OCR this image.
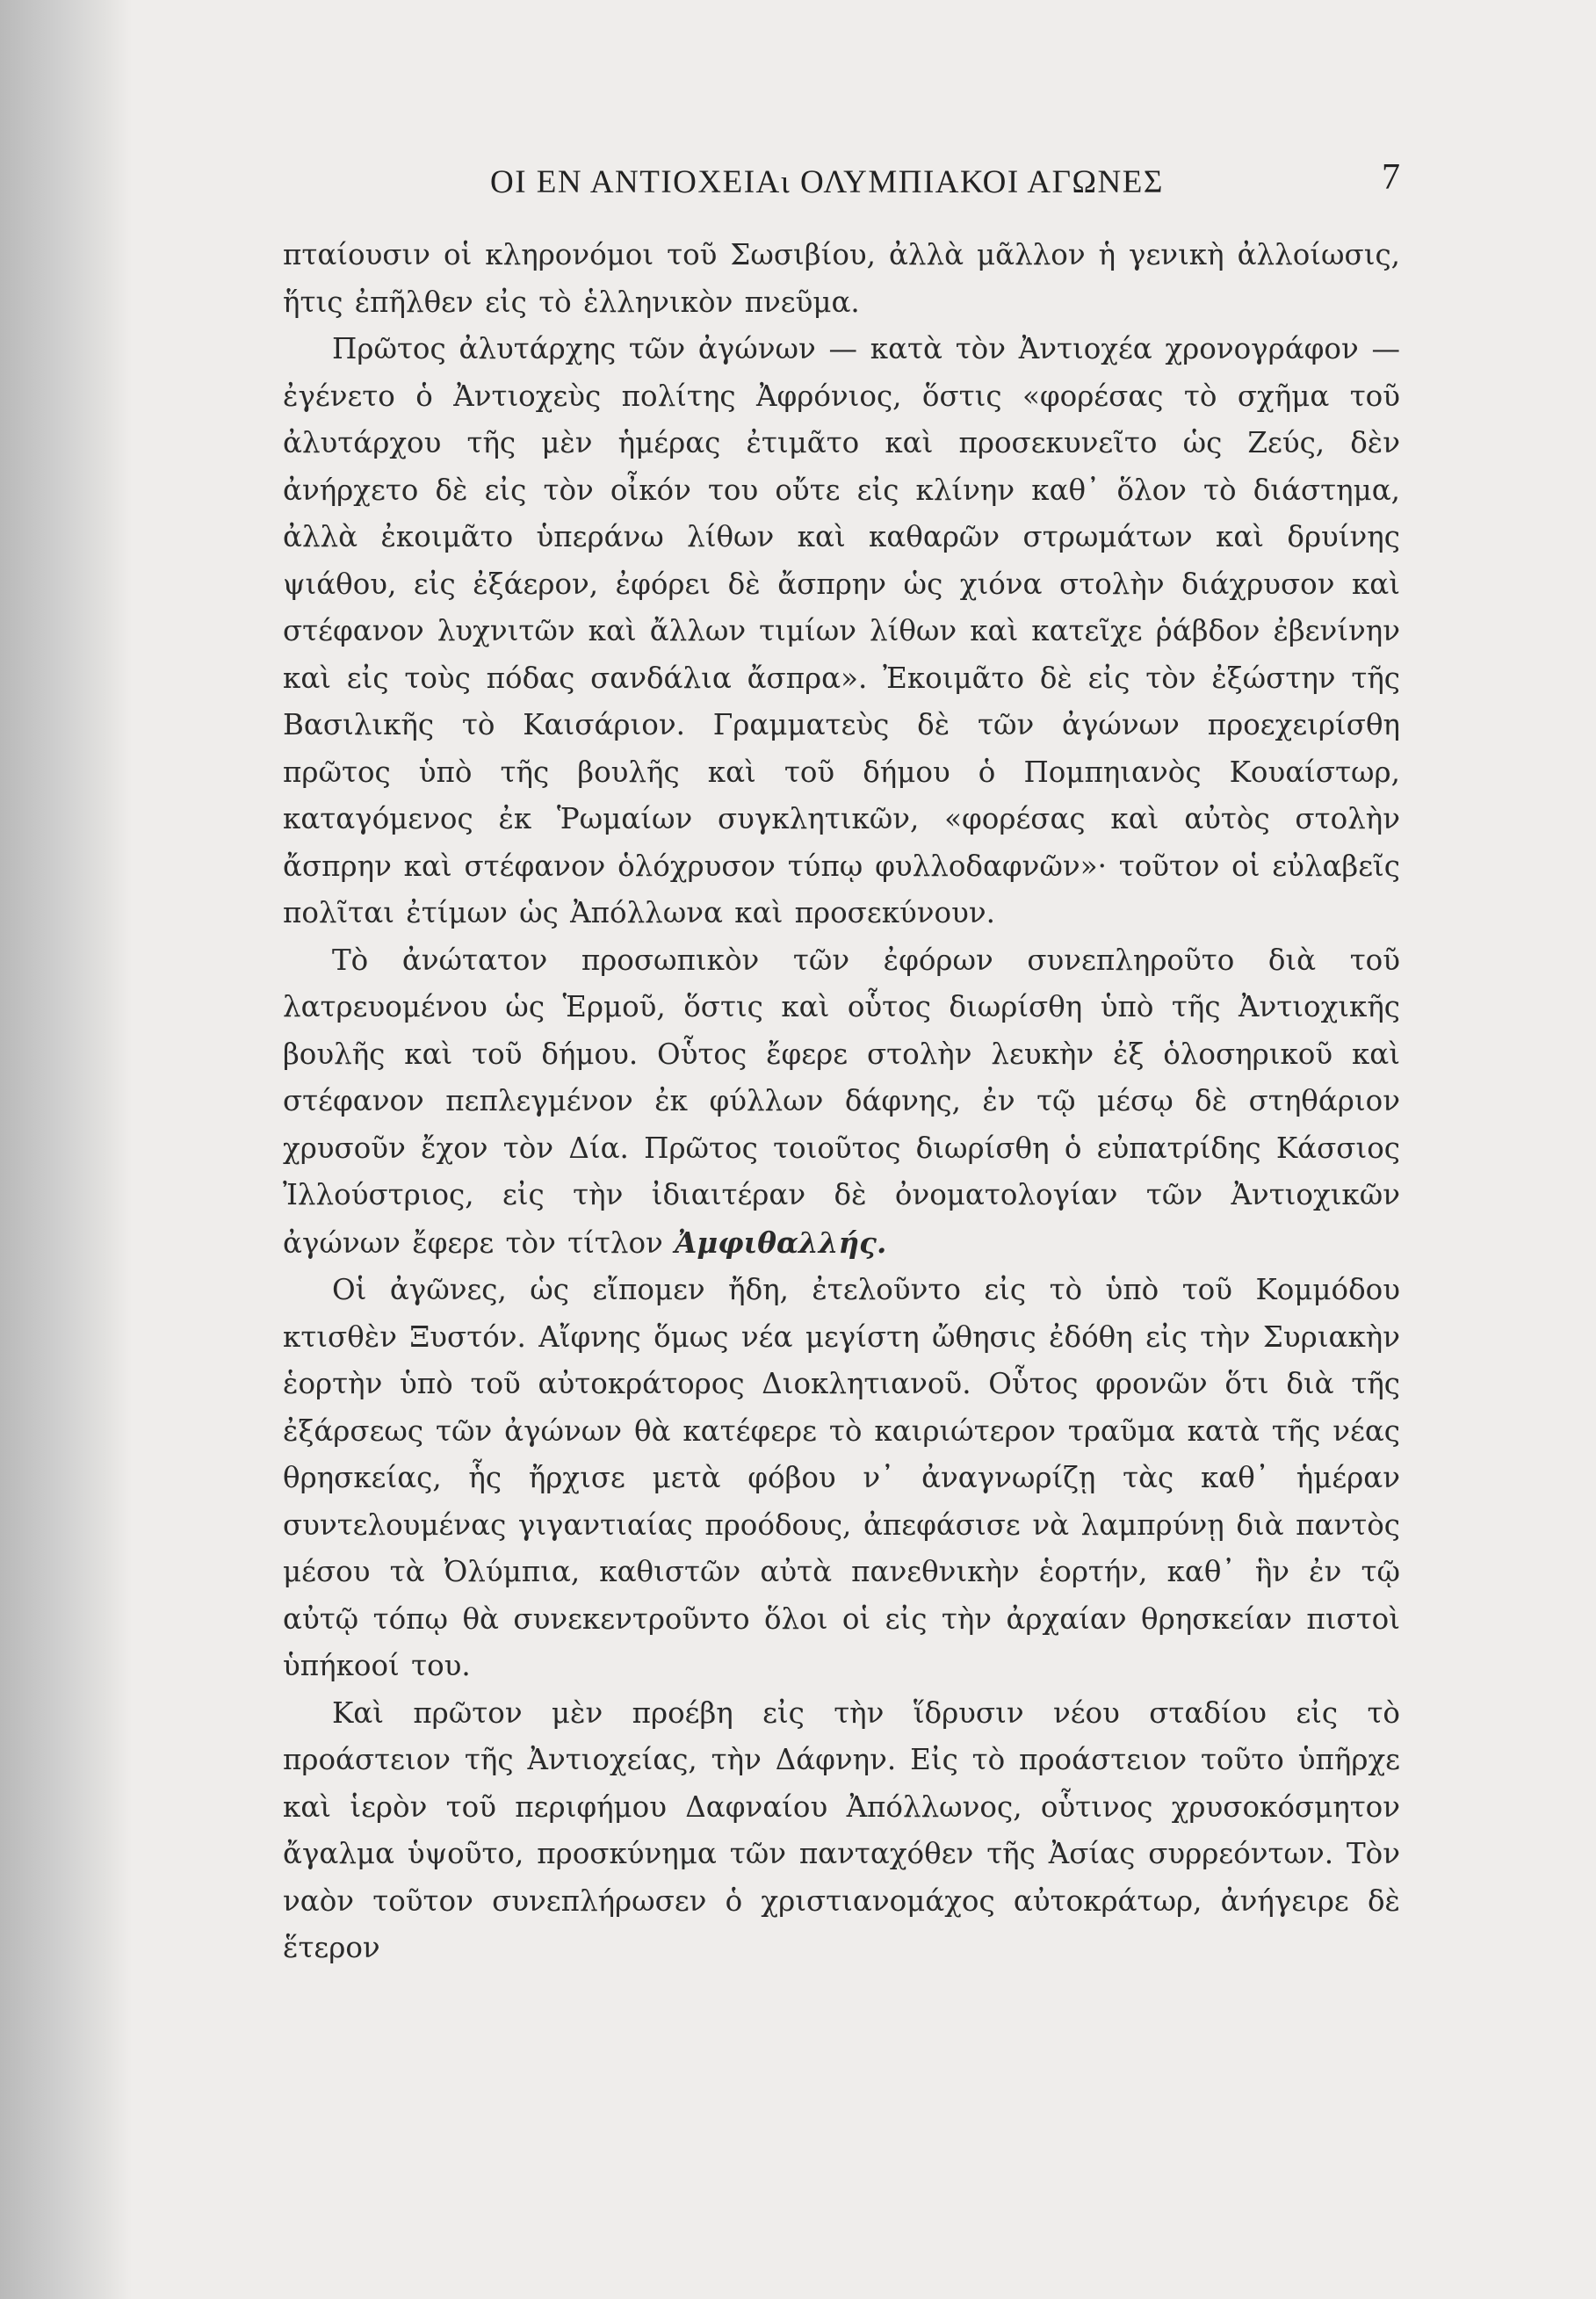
ΟΙ ΕΝ ΑΝΤΙΟΧΕΙΑι ΟΛΥΜΠΙΑΚΟΙ ΑΓΩΝΕΣ	7

πταίουσιν οἱ κληρονόμοι τοῦ Σωσιβίου, ἀλλὰ μᾶλλον ἡ γενικὴ ἀλλοίωσις, ἥτις ἐπῆλθεν εἰς τὸ ἑλληνικὸν πνεῦμα.

Πρῶτος ἀλυτάρχης τῶν ἀγώνων — κατὰ τὸν Ἀντιοχέα χρονογράφον —ἐγένετο ὁ Ἀντιοχεὺς πολίτης Ἀφρόνιος, ὅστις «φορέσας τὸ σχῆμα τοῦ ἀλυτάρχου τῆς μὲν ἡμέρας ἐτιμᾶτο καὶ προσεκυνεῖτο ὡς Ζεύς, δὲν ἀνήρχετο δὲ εἰς τὸν οἶκόν του οὔτε εἰς κλίνην καθ᾽ ὅλον τὸ διάστημα, ἀλλὰ ἐκοιμᾶτο ὑπεράνω λίθων καὶ καθαρῶν στρωμάτων καὶ δρυίνης ψιάθου, εἰς ἐξάερον, ἐφόρει δὲ ἄσπρην ὡς χιόνα στολὴν διάχρυσον καὶ στέφανον λυχνιτῶν καὶ ἄλλων τιμίων λίθων καὶ κατεῖχε ῥάβδον ἐβενίνην καὶ εἰς τοὺς πόδας σανδάλια ἄσπρα». Ἐκοιμᾶτο δὲ εἰς τὸν ἐξώστην τῆς Βασιλικῆς τὸ Καισάριον. Γραμματεὺς δὲ τῶν ἀγώνων προεχειρίσθη πρῶτος ὑπὸ τῆς βουλῆς καὶ τοῦ δήμου ὁ Πομπηιανὸς Κουαίστωρ, καταγόμενος ἐκ Ῥωμαίων συγκλητικῶν, «φορέσας καὶ αὐτὸς στολὴν ἄσπρην καὶ στέφανον ὁλόχρυσον τύπῳ φυλλοδαφνῶν»· τοῦτον οἱ εὐλαβεῖς πολῖται ἐτίμων ὡς Ἀπόλλωνα καὶ προσεκύνουν.

Τὸ ἀνώτατον προσωπικὸν τῶν ἐφόρων συνεπληροῦτο διὰ τοῦ λατρευομένου ὡς Ἑρμοῦ, ὅστις καὶ οὗτος διωρίσθη ὑπὸ τῆς Ἀντιοχικῆς βουλῆς καὶ τοῦ δήμου. Οὗτος ἔφερε στολὴν λευκὴν ἐξ ὁλοσηρικοῦ καὶ στέφανον πεπλεγμένον ἐκ φύλλων δάφνης, ἐν τῷ μέσῳ δὲ στηθάριον χρυσοῦν ἔχον τὸν Δία. Πρῶτος τοιοῦτος διωρίσθη ὁ εὐπατρίδης Κάσσιος Ἰλλούστριος, εἰς τὴν ἰδιαιτέραν δὲ ὀνοματολογίαν τῶν Ἀντιοχικῶν ἀγώνων ἔφερε τὸν τίτλον Ἀμφιθαλλής.

Οἱ ἀγῶνες, ὡς εἴπομεν ἤδη, ἐτελοῦντο εἰς τὸ ὑπὸ τοῦ Κομμόδου κτισθὲν Ξυστόν. Αἴφνης ὅμως νέα μεγίστη ὤθησις ἐδόθη εἰς τὴν Συριακὴν ἑορτὴν ὑπὸ τοῦ αὐτοκράτορος Διοκλητιανοῦ. Οὗτος φρονῶν ὅτι διὰ τῆς ἐξάρσεως τῶν ἀγώνων θὰ κατέφερε τὸ καιριώτερον τραῦμα κατὰ τῆς νέας θρησκείας, ἧς ἤρχισε μετὰ φόβου ν᾽ ἀναγνωρίζῃ τὰς καθ᾽ ἡμέραν συντελουμένας γιγαντιαίας προόδους, ἀπεφάσισε νὰ λαμπρύνῃ διὰ παντὸς μέσου τὰ Ὀλύμπια, καθιστῶν αὐτὰ πανεθνικὴν ἑορτήν, καθ᾽ ἣν ἐν τῷ αὐτῷ τόπῳ θὰ συνεκεντροῦντο ὅλοι οἱ εἰς τὴν ἀρχαίαν θρησκείαν πιστοὶ ὑπήκοοί του.

Καὶ πρῶτον μὲν προέβη εἰς τὴν ἵδρυσιν νέου σταδίου εἰς τὸ προάστειον τῆς Ἀντιοχείας, τὴν Δάφνην. Εἰς τὸ προάστειον τοῦτο ὑπῆρχε καὶ ἱερὸν τοῦ περιφήμου Δαφναίου Ἀπόλλωνος, οὗτινος χρυσοκόσμητον ἄγαλμα ὑψοῦτο, προσκύνημα τῶν πανταχόθεν τῆς Ἀσίας συρρεόντων. Τὸν ναὸν τοῦτον συνεπλήρωσεν ὁ χριστιανομάχος αὐτοκράτωρ, ἀνήγειρε δὲ ἕτερον
